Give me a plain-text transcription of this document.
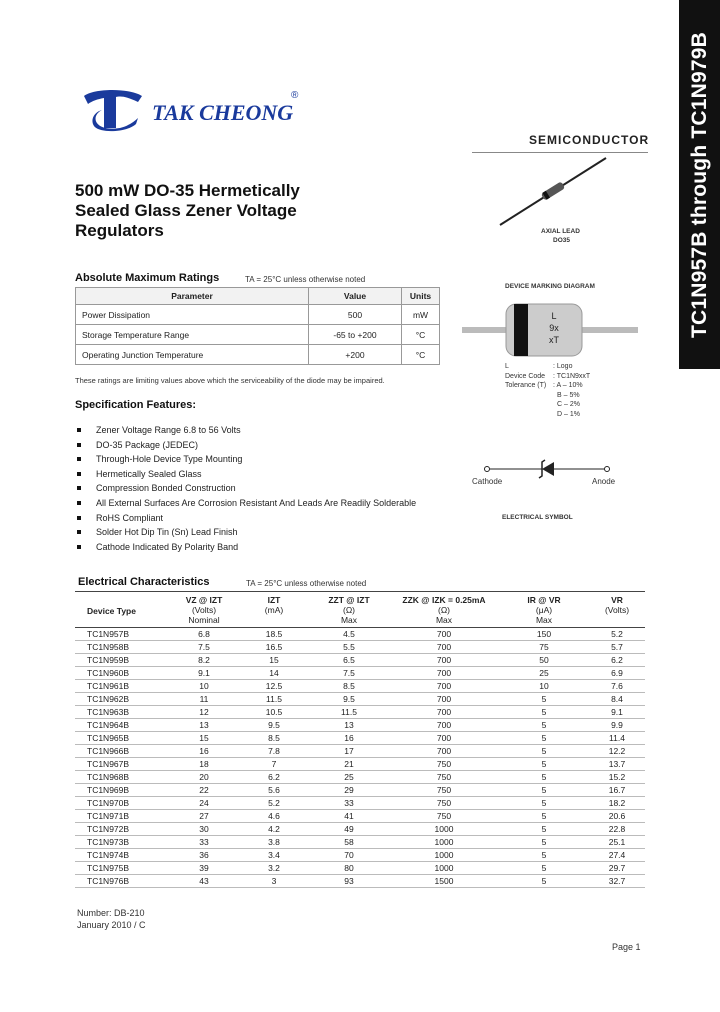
TC1N957B through TC1N979B
TAK CHEONG
®
SEMICONDUCTOR
500 mW DO-35 Hermetically
Sealed Glass Zener Voltage
Regulators	AXIAL LEAD
DO35
DEVICE MARKING DIAGRAM
L
9x
xT
L	: Logo
Device Code : TC1N9xxT
Tolerance (T) : A – 10%
B – 5%
C – 2%
D – 1%
Cathode	Anode
ELECTRICAL SYMBOL
Absolute Maximum Ratings	TA = 25°C unless otherwise noted
Parameter	Value	Units
Power Dissipation	500	mW
Storage Temperature Range	-65 to +200	°C
Operating Junction Temperature	+200	°C
These ratings are limiting values above which the serviceability of the diode may be impaired.
Specification Features:
Zener Voltage Range 6.8 to 56 Volts
DO-35 Package (JEDEC)
Through-Hole Device Type Mounting
Hermetically Sealed Glass
Compression Bonded Construction
All External Surfaces Are Corrosion Resistant And Leads Are Readily Solderable
RoHS Compliant
Solder Hot Dip Tin (Sn) Lead Finish
Cathode Indicated By Polarity Band
Electrical Characteristics	TA = 25°C unless otherwise noted
Device Type	VZ @ IZT
(Volts)
Nominal	IZT
(mA)	ZZT @ IZT
(Ω)
Max	ZZK @ IZK = 0.25mA
(Ω)
Max	IR @ VR
(μA)
Max	VR
(Volts)
TC1N957B	6.8	18.5	4.5	700	150	5.2
TC1N958B	7.5	16.5	5.5	700	75	5.7
TC1N959B	8.2	15	6.5	700	50	6.2
TC1N960B	9.1	14	7.5	700	25	6.9
TC1N961B	10	12.5	8.5	700	10	7.6
TC1N962B	11	11.5	9.5	700	5	8.4
TC1N963B	12	10.5	11.5	700	5	9.1
TC1N964B	13	9.5	13	700	5	9.9
TC1N965B	15	8.5	16	700	5	11.4
TC1N966B	16	7.8	17	700	5	12.2
TC1N967B	18	7	21	750	5	13.7
TC1N968B	20	6.2	25	750	5	15.2
TC1N969B	22	5.6	29	750	5	16.7
TC1N970B	24	5.2	33	750	5	18.2
TC1N971B	27	4.6	41	750	5	20.6
TC1N972B	30	4.2	49	1000	5	22.8
TC1N973B	33	3.8	58	1000	5	25.1
TC1N974B	36	3.4	70	1000	5	27.4
TC1N975B	39	3.2	80	1000	5	29.7
TC1N976B	43	3	93	1500	5	32.7
Number: DB-210
January 2010 / C
Page 1
